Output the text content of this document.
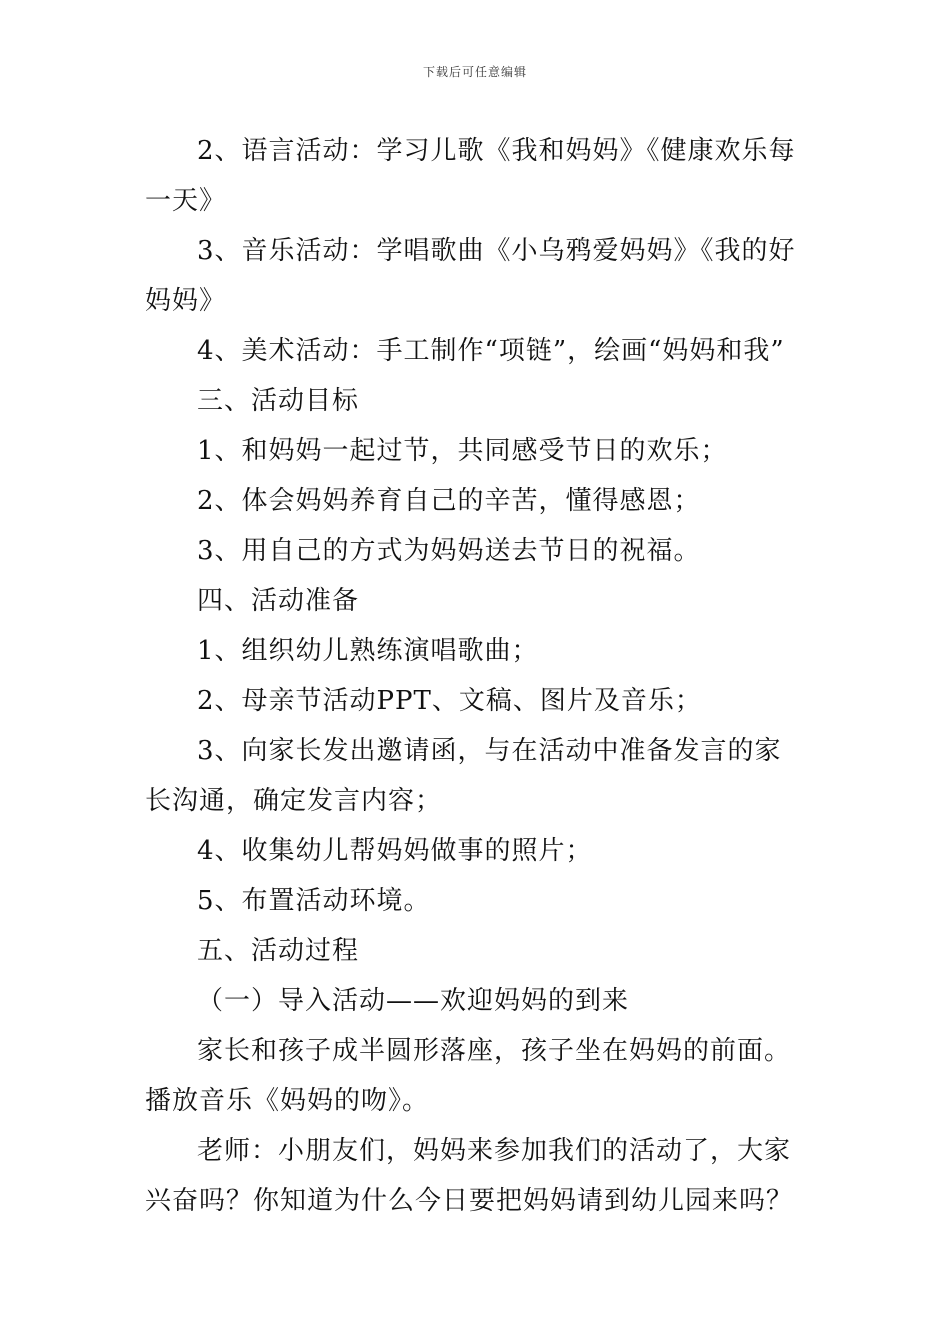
下载后可任意编辑

2、语言活动：学习儿歌《我和妈妈》《健康欢乐每一天》

3、音乐活动：学唱歌曲《小乌鸦爱妈妈》《我的好妈妈》

4、美术活动：手工制作“项链”，绘画“妈妈和我”

三、活动目标

1、和妈妈一起过节，共同感受节日的欢乐；

2、体会妈妈养育自己的辛苦，懂得感恩；

3、用自己的方式为妈妈送去节日的祝福。

四、活动准备

1、组织幼儿熟练演唱歌曲；

2、母亲节活动PPT、文稿、图片及音乐；

3、向家长发出邀请函，与在活动中准备发言的家长沟通，确定发言内容；

4、收集幼儿帮妈妈做事的照片；

5、布置活动环境。

五、活动过程

（一）导入活动——欢迎妈妈的到来

家长和孩子成半圆形落座，孩子坐在妈妈的前面。播放音乐《妈妈的吻》。

老师：小朋友们，妈妈来参加我们的活动了，大家兴奋吗？你知道为什么今日要把妈妈请到幼儿园来吗？
